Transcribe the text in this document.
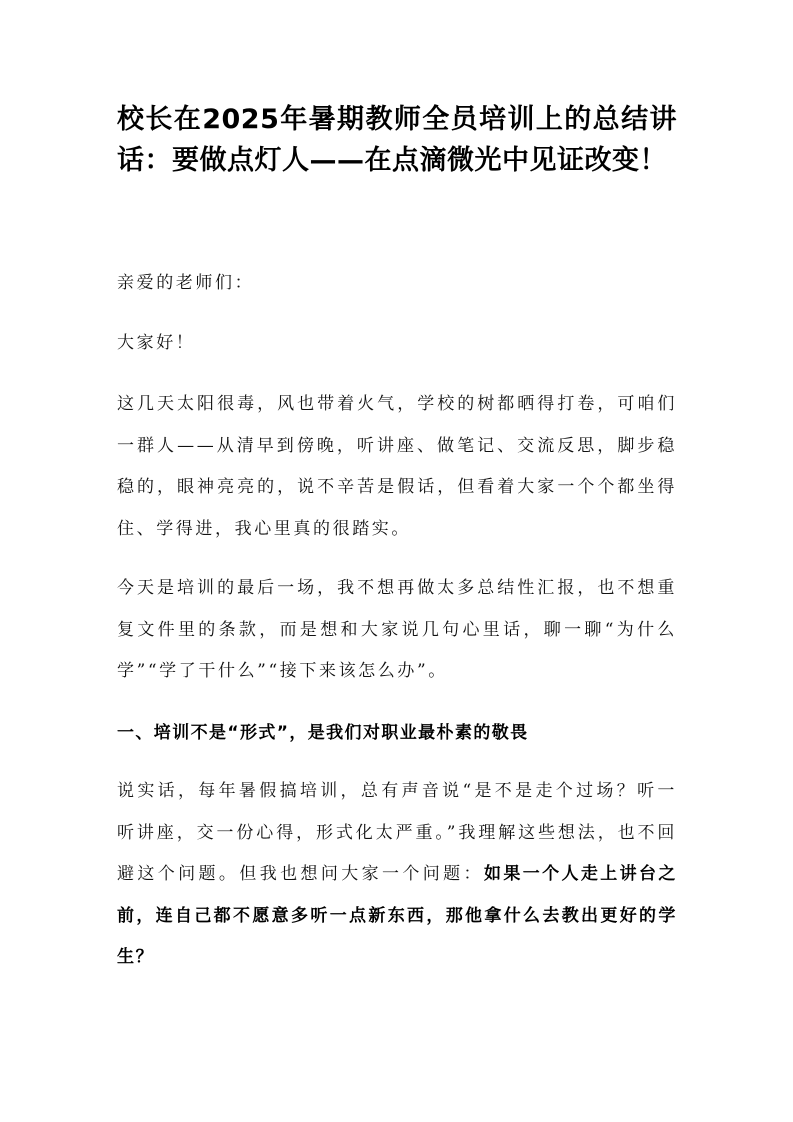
校长在2025年暑期教师全员培训上的总结讲话：要做点灯人——在点滴微光中见证改变！

亲爱的老师们：

大家好！

这几天太阳很毒，风也带着火气，学校的树都晒得打卷，可咱们一群人——从清早到傍晚，听讲座、做笔记、交流反思，脚步稳稳的，眼神亮亮的，说不辛苦是假话，但看着大家一个个都坐得住、学得进，我心里真的很踏实。

今天是培训的最后一场，我不想再做太多总结性汇报，也不想重复文件里的条款，而是想和大家说几句心里话，聊一聊“为什么学”“学了干什么”“接下来该怎么办”。

一、培训不是“形式”，是我们对职业最朴素的敬畏

说实话，每年暑假搞培训，总有声音说“是不是走个过场？听一听讲座，交一份心得，形式化太严重。”我理解这些想法，也不回避这个问题。但我也想问大家一个问题：如果一个人走上讲台之前，连自己都不愿意多听一点新东西，那他拿什么去教出更好的学生？
